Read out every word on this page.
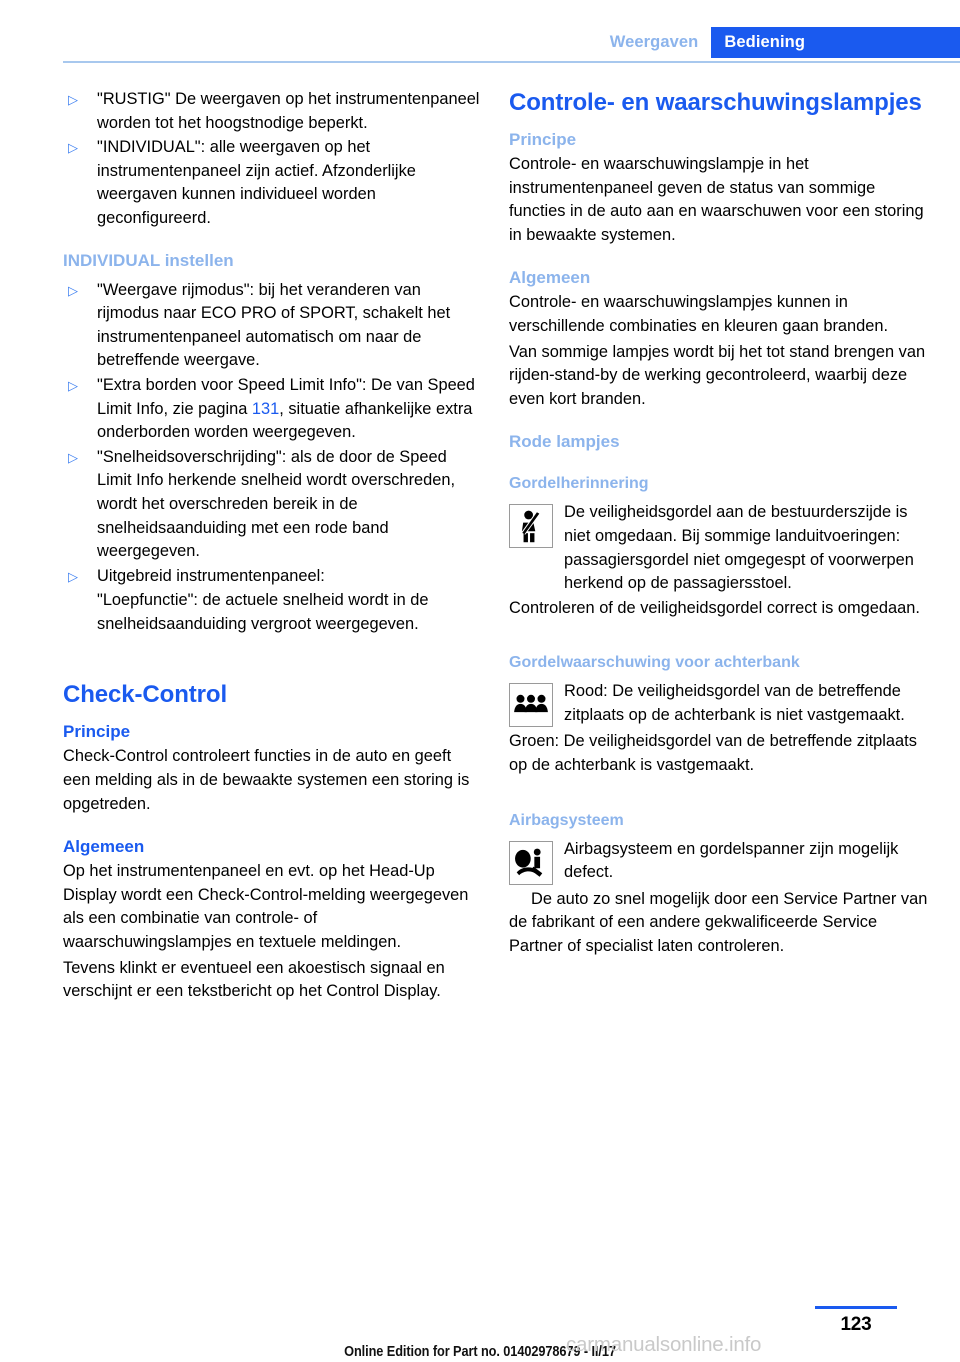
Weergaven	Bediening
▷ "RUSTIG" De weergaven op het instrumentenpaneel worden tot het hoogstnodige beperkt.
▷ "INDIVIDUAL": alle weergaven op het instrumentenpaneel zijn actief. Afzonderlijke weergaven kunnen individueel worden geconfigureerd.
INDIVIDUAL instellen
▷ "Weergave rijmodus": bij het veranderen van rijmodus naar ECO PRO of SPORT, schakelt het instrumentenpaneel automatisch om naar de betreffende weergave.
▷ "Extra borden voor Speed Limit Info": De van Speed Limit Info, zie pagina 131, situatie afhankelijke extra onderborden worden weergegeven.
▷ "Snelheidsoverschrijding": als de door de Speed Limit Info herkende snelheid wordt overschreden, wordt het overschreden bereik in de snelheidsaanduiding met een rode band weergegeven.
▷ Uitgebreid instrumentenpaneel:
"Loepfunctie": de actuele snelheid wordt in de snelheidsaanduiding vergroot weergegeven.
Check-Control
Principe

Check-Control controleert functies in de auto en geeft een melding als in de bewaakte systemen een storing is opgetreden.

Algemeen

Op het instrumentenpaneel en evt. op het Head-Up Display wordt een Check-Control-melding weergegeven als een combinatie van controle- of waarschuwingslampjes en textuele meldingen.

Tevens klinkt er eventueel een akoestisch signaal en verschijnt er een tekstbericht op het Control Display.

Controle- en waarschuwingslampjes
Principe

Controle- en waarschuwingslampje in het instrumentenpaneel geven de status van sommige functies in de auto aan en waarschuwen voor een storing in bewaakte systemen.

Algemeen

Controle- en waarschuwingslampjes kunnen in verschillende combinaties en kleuren gaan branden.

Van sommige lampjes wordt bij het tot stand brengen van rijden-stand-by de werking gecontroleerd, waarbij deze even kort branden.

Rode lampjes
Gordelherinnering
De veiligheidsgordel aan de bestuurderszijde is niet omgedaan. Bij sommige landuitvoeringen: passagiersgordel niet omgegespt of voorwerpen herkend op de passagiersstoel.

Controleren of de veiligheidsgordel correct is omgedaan.

Gordelwaarschuwing voor achterbank
Rood: De veiligheidsgordel van de betreffende zitplaats op de achterbank is niet vastgemaakt.

Groen: De veiligheidsgordel van de betreffende zitplaats op de achterbank is vastgemaakt.

Airbagsysteem
Airbagsysteem en gordelspanner zijn mogelijk defect.

De auto zo snel mogelijk door een Service Partner van de fabrikant of een andere gekwalificeerde Service Partner of specialist laten controleren.

123
Online Edition for Part no. 01402978679 - II/17
carmanualsonline.info
